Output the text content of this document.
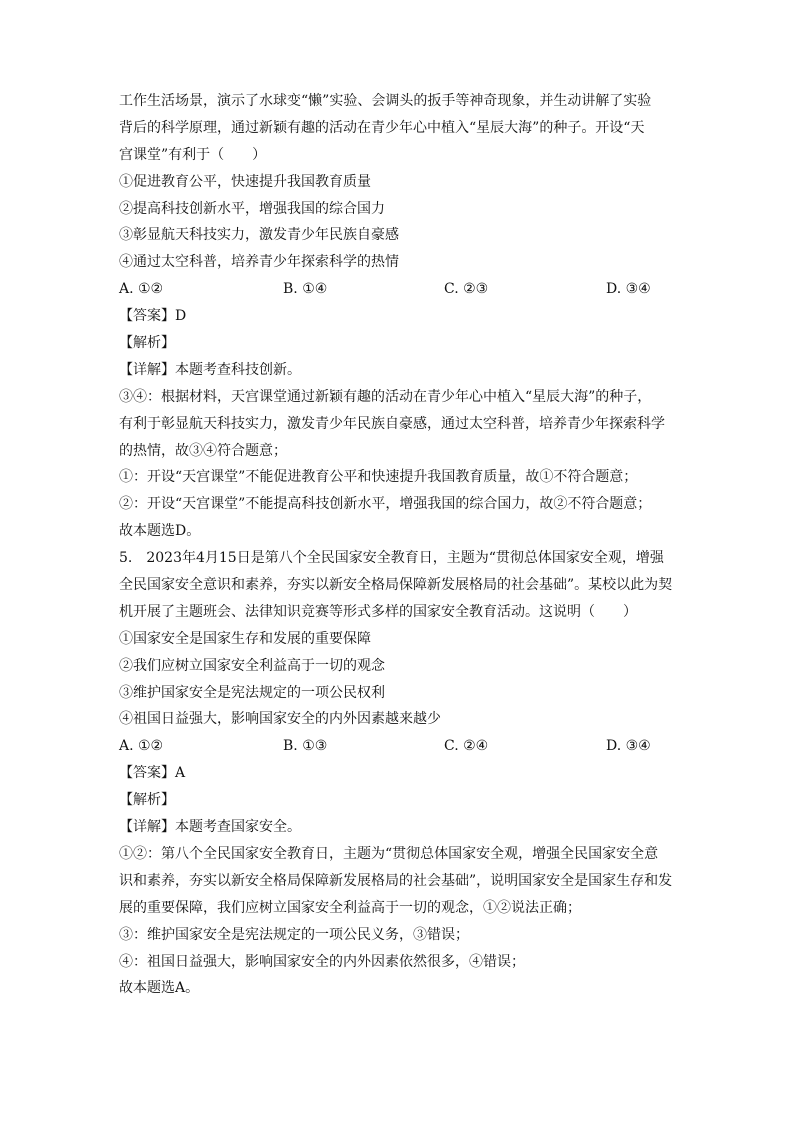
工作生活场景，演示了水球变“懒”实验、会调头的扳手等神奇现象，并生动讲解了实验
背后的科学原理，通过新颖有趣的活动在青少年心中植入“星辰大海”的种子。开设“天
宫课堂”有利于（　　）
①促进教育公平，快速提升我国教育质量
②提高科技创新水平，增强我国的综合国力
③彰显航天科技实力，激发青少年民族自豪感
④通过太空科普，培养青少年探索科学的热情
A. ①②	B. ①④	C. ②③	D. ③④
【答案】D
【解析】
【详解】本题考查科技创新。
③④：根据材料，天宫课堂通过新颖有趣的活动在青少年心中植入“星辰大海”的种子，
有利于彰显航天科技实力，激发青少年民族自豪感，通过太空科普，培养青少年探索科学
的热情，故③④符合题意；
①：开设“天宫课堂”不能促进教育公平和快速提升我国教育质量，故①不符合题意；
②：开设“天宫课堂”不能提高科技创新水平，增强我国的综合国力，故②不符合题意；
故本题选D。
5.　2023年4月15日是第八个全民国家安全教育日，主题为“贯彻总体国家安全观，增强
全民国家安全意识和素养，夯实以新安全格局保障新发展格局的社会基础”。某校以此为契
机开展了主题班会、法律知识竞赛等形式多样的国家安全教育活动。这说明（　　）
①国家安全是国家生存和发展的重要保障
②我们应树立国家安全利益高于一切的观念
③维护国家安全是宪法规定的一项公民权利
④祖国日益强大，影响国家安全的内外因素越来越少
A. ①②	B. ①③	C. ②④	D. ③④
【答案】A
【解析】
【详解】本题考查国家安全。
①②：第八个全民国家安全教育日，主题为“贯彻总体国家安全观，增强全民国家安全意
识和素养，夯实以新安全格局保障新发展格局的社会基础”，说明国家安全是国家生存和发
展的重要保障，我们应树立国家安全利益高于一切的观念，①②说法正确；
③：维护国家安全是宪法规定的一项公民义务，③错误；
④：祖国日益强大，影响国家安全的内外因素依然很多，④错误；
故本题选A。
